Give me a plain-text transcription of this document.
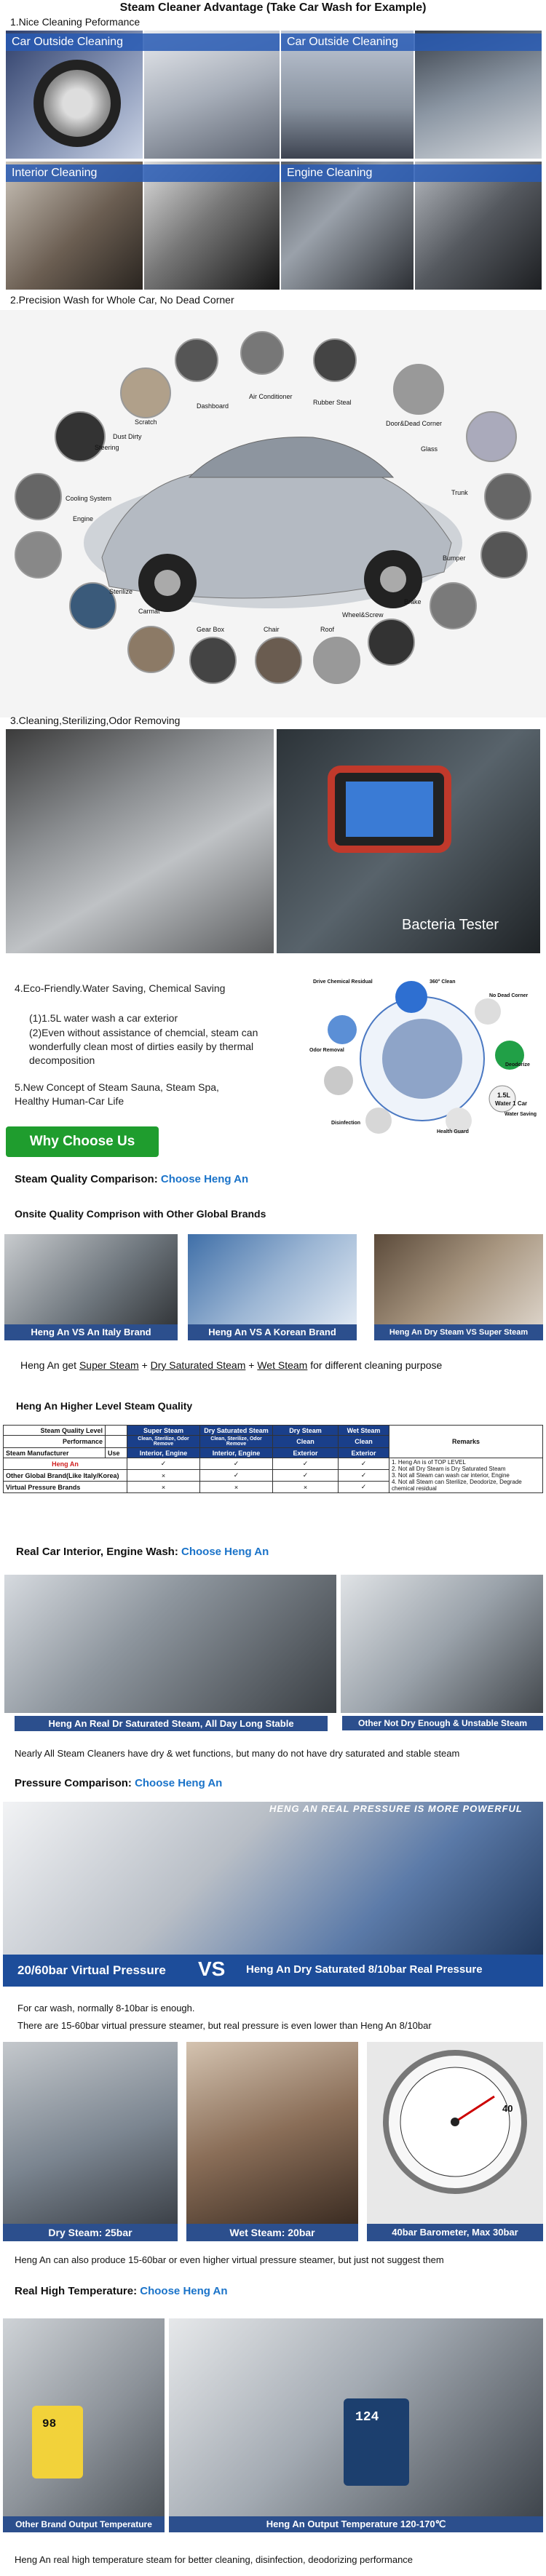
Steam Cleaner Advantage (Take Car Wash for Example)
1.Nice Cleaning Peformance
Car Outside Cleaning	Car Outside Cleaning
Interior Cleaning	Engine Cleaning
2.Precision Wash for Whole Car, No Dead Corner
Dashboard
Air Conditioner
Rubber Steal
Door&Dead Corner
Glass
Trunk
Bumper
Brake
Wheel&Screw
Roof
Chair
Gear Box
Carmat
Sterilize
Engine
Cooling System
Steering
Dust Dirty
Scratch
3.Cleaning,Sterilizing,Odor Removing
Bacteria Tester
4.Eco-Friendly.Water Saving, Chemical Saving
(1)1.5L water wash a car exterior
(2)Even without assistance of chemcial, steam can wonderfully clean most of dirties easily by thermal decomposition
5.New Concept of Steam Sauna, Steam Spa, Healthy Human-Car Life
Drive Chemical Residual	360° Clean
No Dead Corner
Odor Removal
Deodorize
1.5L
Water 1 Car
Water Saving
Disinfection
Health Guard
Why Choose Us
Steam Quality Comparison: Choose Heng An
Onsite Quality Comprison with Other Global Brands
Heng An VS An Italy Brand	Heng An VS A Korean Brand	Heng An Dry Steam VS Super Steam
Heng An get Super Steam + Dry Saturated Steam + Wet Steam for different cleaning purpose
Heng An Higher Level Steam Quality
Steam Quality Level		Super Steam	Dry Saturated Steam	Dry Steam	Wet Steam	Remarks
Performance		Clean, Sterilize, Odor Remove	Clean, Sterilize, Odor Remove	Clean	Clean	
Steam Manufacturer	Use	Interior, Engine	Interior, Engine	Exterior	Exterior	
Heng An		✓	✓	✓	✓	1. Heng An is of TOP LEVEL
2. Not all Dry Steam is Dry Saturated Steam
3. Not all Steam can wash car interior, Engine
4. Not all Steam can Sterilize, Deodorize, Degrade chemical residual

Other Global Brand(Like Italy/Korea)		×	✓	✓	✓	
Virtual Pressure Brands		×	×	×	✓	
Real Car Interior, Engine Wash: Choose Heng An
Heng An Real Dr Saturated Steam, All Day Long Stable	Other Not Dry Enough & Unstable Steam
Nearly All Steam Cleaners have dry & wet functions, but many do not have dry saturated and stable steam
Pressure Comparison: Choose Heng An
HENG AN REAL PRESSURE IS MORE POWERFUL
20/60bar Virtual Pressure VS Heng An Dry Saturated 8/10bar Real Pressure
For car wash, normally 8-10bar is enough.
There are 15-60bar virtual pressure steamer, but real pressure is even lower than Heng An 8/10bar
40
Dry Steam: 25bar	Wet Steam: 20bar	40bar Barometer, Max 30bar
Heng An can also produce 15-60bar or even higher virtual pressure steamer, but just not suggest them
Real High Temperature: Choose Heng An
98	124
Other Brand Output Temperature	Heng An Output Temperature 120-170℃
Heng An real high temperature steam for better cleaning, disinfection, deodorizing performance
